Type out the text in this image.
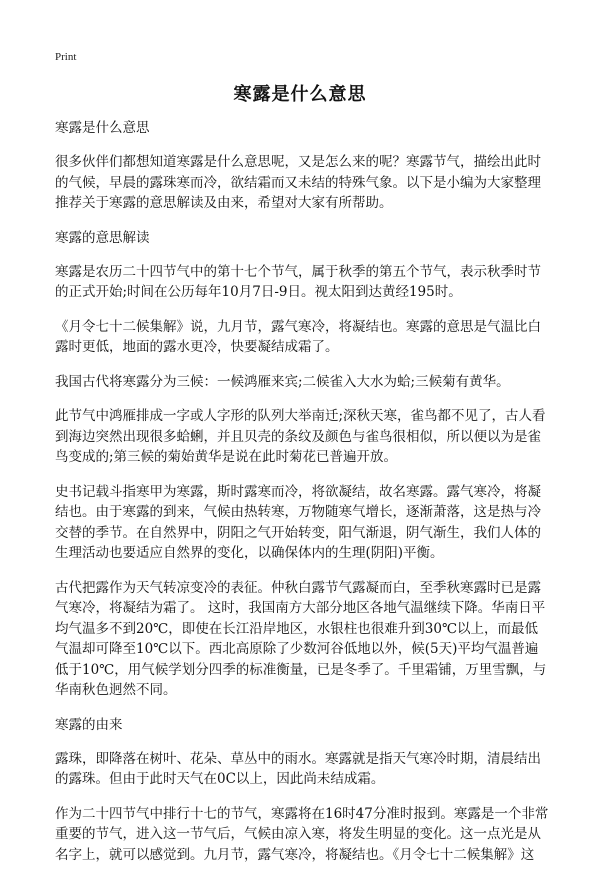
Print
寒露是什么意思
寒露是什么意思

很多伙伴们都想知道寒露是什么意思呢，又是怎么来的呢？寒露节气，描绘出此时的气候，早晨的露珠寒而冷，欲结霜而又未结的特殊气象。以下是小编为大家整理推荐关于寒露的意思解读及由来，希望对大家有所帮助。

寒露的意思解读

寒露是农历二十四节气中的第十七个节气，属于秋季的第五个节气，表示秋季时节的正式开始;时间在公历每年10月7日-9日。视太阳到达黄经195时。

《月令七十二候集解》说，九月节，露气寒冷，将凝结也。寒露的意思是气温比白露时更低，地面的露水更冷，快要凝结成霜了。

我国古代将寒露分为三候：一候鸿雁来宾;二候雀入大水为蛤;三候菊有黄华。

此节气中鸿雁排成一字或人字形的队列大举南迁;深秋天寒，雀鸟都不见了，古人看到海边突然出现很多蛤蜊，并且贝壳的条纹及颜色与雀鸟很相似，所以便以为是雀鸟变成的;第三候的菊始黄华是说在此时菊花已普遍开放。

史书记载斗指寒甲为寒露，斯时露寒而冷，将欲凝结，故名寒露。露气寒冷，将凝结也。由于寒露的到来，气候由热转寒，万物随寒气增长，逐渐萧落，这是热与冷交替的季节。在自然界中，阴阳之气开始转变，阳气渐退，阴气渐生，我们人体的生理活动也要适应自然界的变化，以确保体内的生理(阴阳)平衡。

古代把露作为天气转凉变冷的表征。仲秋白露节气露凝而白，至季秋寒露时已是露气寒冷，将凝结为霜了。 这时，我国南方大部分地区各地气温继续下降。华南日平均气温多不到20℃，即使在长江沿岸地区，水银柱也很难升到30℃以上，而最低气温却可降至10℃以下。西北高原除了少数河谷低地以外，候(5天)平均气温普遍低于10℃，用气候学划分四季的标准衡量，已是冬季了。千里霜铺，万里雪飘，与华南秋色迥然不同。

寒露的由来

露珠，即降落在树叶、花朵、草丛中的雨水。寒露就是指天气寒冷时期，清晨结出的露珠。但由于此时天气在0C以上，因此尚未结成霜。

作为二十四节气中排行十七的节气，寒露将在16时47分准时报到。寒露是一个非常重要的节气，进入这一节气后，气候由凉入寒，将发生明显的变化。这一点光是从名字上，就可以感觉到。九月节，露气寒冷，将凝结也。《月令七十二候集解》这
